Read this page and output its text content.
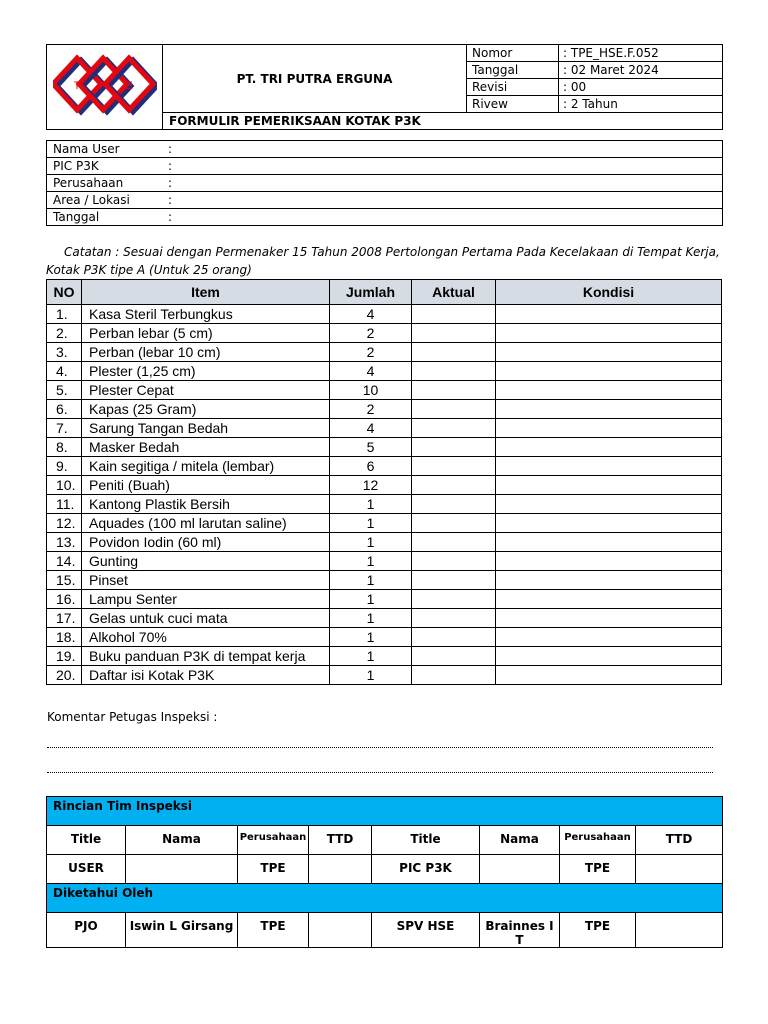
T P E	PT. TRI PUTRA ERGUNA	Nomor	: TPE_HSE.F.052
		Tanggal	: 02 Maret 2024
		Revisi	: 00
		Rivew	: 2 Tahun
	FORMULIR PEMERIKSAAN KOTAK P3K		
Nama User	:
PIC P3K	:
Perusahaan	:
Area / Lokasi	:
Tanggal	:
Catatan : Sesuai dengan Permenaker 15 Tahun 2008 Pertolongan Pertama Pada Kecelakaan di Tempat Kerja, Kotak P3K tipe A (Untuk 25 orang)
NO	Item	Jumlah	Aktual	Kondisi
1.	Kasa Steril Terbungkus	4		
2.	Perban lebar (5 cm)	2		
3.	Perban (lebar 10 cm)	2		
4.	Plester (1,25 cm)	4		
5.	Plester Cepat	10		
6.	Kapas (25 Gram)	2		
7.	Sarung Tangan Bedah	4		
8.	Masker Bedah	5		
9.	Kain segitiga / mitela (lembar)	6		
10.	Peniti (Buah)	12		
11.	Kantong Plastik Bersih	1		
12.	Aquades (100 ml larutan saline)	1		
13.	Povidon Iodin (60 ml)	1		
14.	Gunting	1		
15.	Pinset	1		
16.	Lampu Senter	1		
17.	Gelas untuk cuci mata	1		
18.	Alkohol 70%	1		
19.	Buku panduan P3K di tempat kerja	1		
20.	Daftar isi Kotak P3K	1		
Komentar Petugas Inspeksi :
Rincian Tim Inspeksi							
Title	Nama	Perusahaan	TTD	Title	Nama	Perusahaan	TTD
USER		TPE		PIC P3K		TPE	
Diketahui Oleh							
PJO	Iswin L Girsang	TPE		SPV HSE	Brainnes I T	TPE	
